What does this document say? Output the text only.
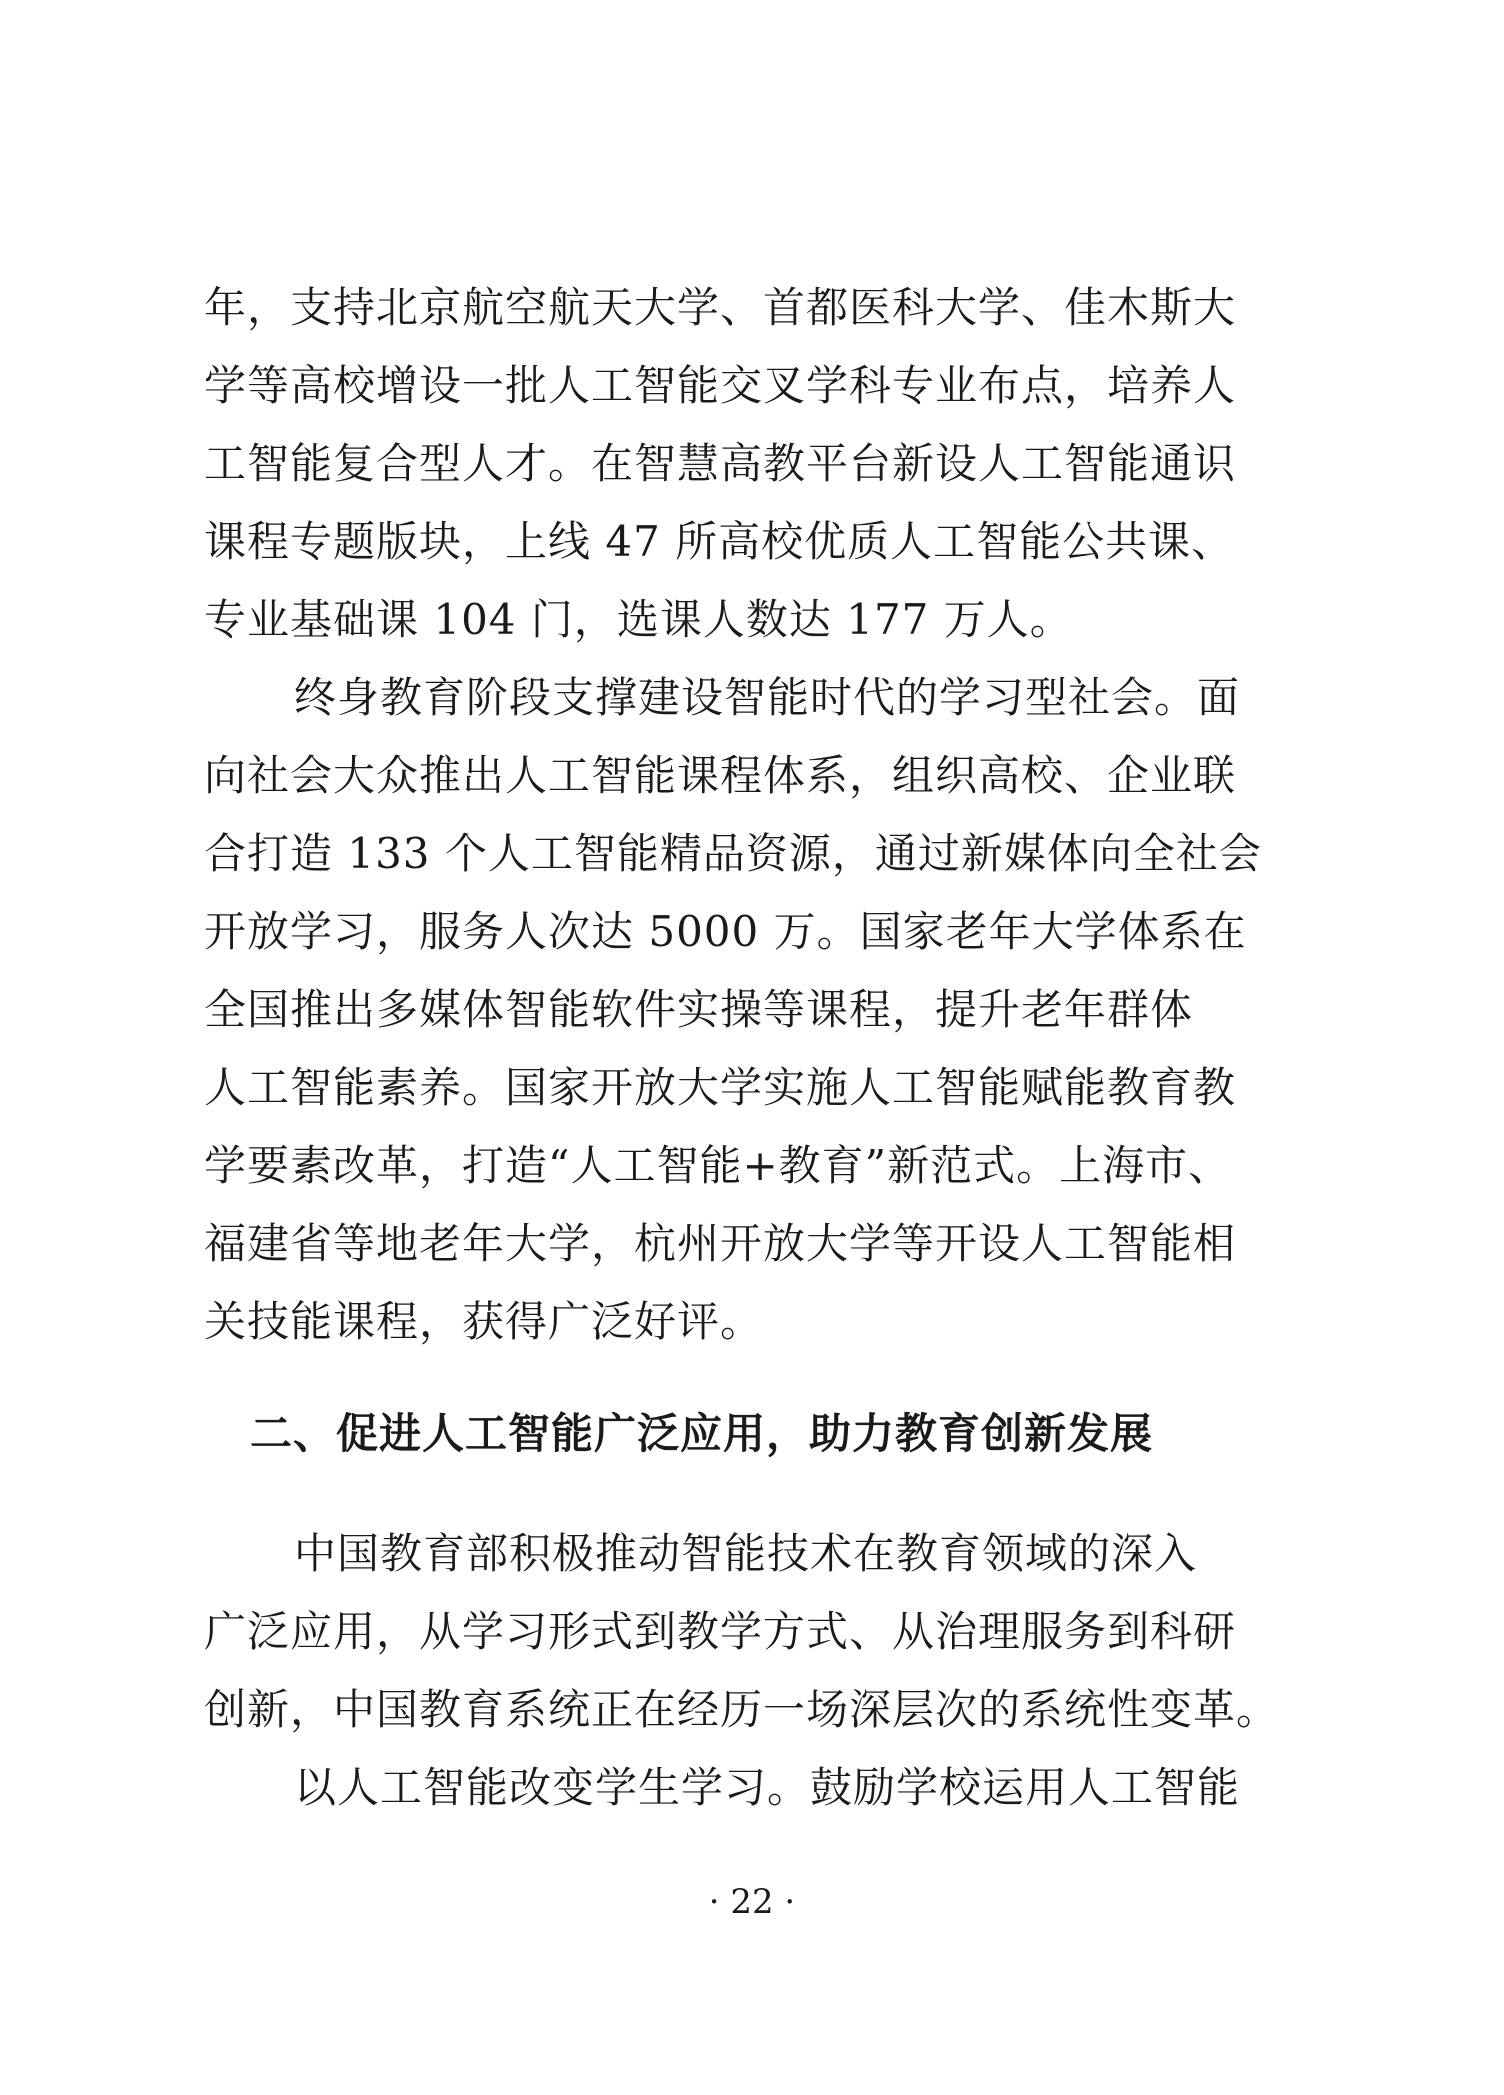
年，支持北京航空航天大学、首都医科大学、佳木斯大
学等高校增设一批人工智能交叉学科专业布点，培养人
工智能复合型人才。在智慧高教平台新设人工智能通识
课程专题版块，上线 47 所高校优质人工智能公共课、
专业基础课 104 门，选课人数达 177 万人。
终身教育阶段支撑建设智能时代的学习型社会。面
向社会大众推出人工智能课程体系，组织高校、企业联
合打造 133 个人工智能精品资源，通过新媒体向全社会
开放学习，服务人次达 5000 万。国家老年大学体系在
全国推出多媒体智能软件实操等课程，提升老年群体
人工智能素养。国家开放大学实施人工智能赋能教育教
学要素改革，打造“人工智能+教育”新范式。上海市、
福建省等地老年大学，杭州开放大学等开设人工智能相
关技能课程，获得广泛好评。
二、促进人工智能广泛应用，助力教育创新发展
中国教育部积极推动智能技术在教育领域的深入
广泛应用，从学习形式到教学方式、从治理服务到科研
创新，中国教育系统正在经历一场深层次的系统性变革。
以人工智能改变学生学习。鼓励学校运用人工智能
· 22 ·
